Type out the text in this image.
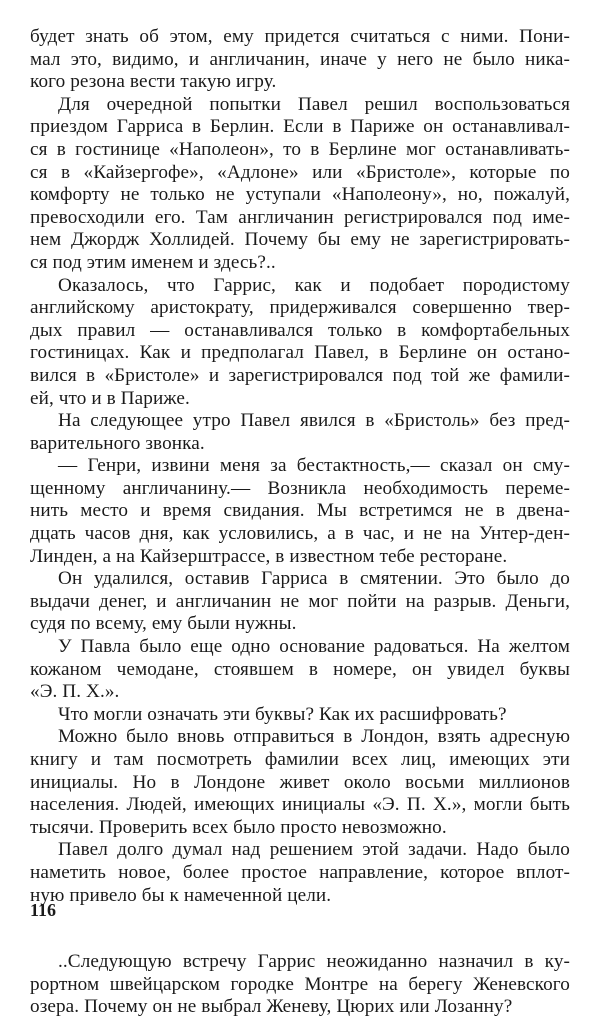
будет знать об этом, ему придется считаться с ними. Пони-
мал это, видимо, и англичанин, иначе у него не было ника-
кого резона вести такую игру.
Для очередной попытки Павел решил воспользоваться
приездом Гарриса в Берлин. Если в Париже он останавливал-
ся в гостинице «Наполеон», то в Берлине мог останавливать-
ся в «Кайзергофе», «Адлоне» или «Бристоле», которые по
комфорту не только не уступали «Наполеону», но, пожалуй,
превосходили его. Там англичанин регистрировался под име-
нем Джордж Холлидей. Почему бы ему не зарегистрировать-
ся под этим именем и здесь?..
Оказалось, что Гаррис, как и подобает породистому
английскому аристократу, придерживался совершенно твер-
дых правил — останавливался только в комфортабельных
гостиницах. Как и предполагал Павел, в Берлине он остано-
вился в «Бристоле» и зарегистрировался под той же фамили-
ей, что и в Париже.
На следующее утро Павел явился в «Бристоль» без пред-
варительного звонка.
— Генри, извини меня за бестактность,— сказал он сму-
щенному англичанину.— Возникла необходимость переме-
нить место и время свидания. Мы встретимся не в двена-
дцать часов дня, как условились, а в час, и не на Унтер-ден-
Линден, а на Кайзерштрассе, в известном тебе ресторане.
Он удалился, оставив Гарриса в смятении. Это было до
выдачи денег, и англичанин не мог пойти на разрыв. Деньги,
судя по всему, ему были нужны.
У Павла было еще одно основание радоваться. На желтом
кожаном чемодане, стоявшем в номере, он увидел буквы
«Э. П. Х.».
Что могли означать эти буквы? Как их расшифровать?
Можно было вновь отправиться в Лондон, взять адресную
книгу и там посмотреть фамилии всех лиц, имеющих эти
инициалы. Но в Лондоне живет около восьми миллионов
населения. Людей, имеющих инициалы «Э. П. Х.», могли быть
тысячи. Проверить всех было просто невозможно.
Павел долго думал над решением этой задачи. Надо было
наметить новое, более простое направление, которое вплот-
ную привело бы к намеченной цели.
..Следующую встречу Гаррис неожиданно назначил в ку-
рортном швейцарском городке Монтре на берегу Женевского
озера. Почему он не выбрал Женеву, Цюрих или Лозанну?
116
